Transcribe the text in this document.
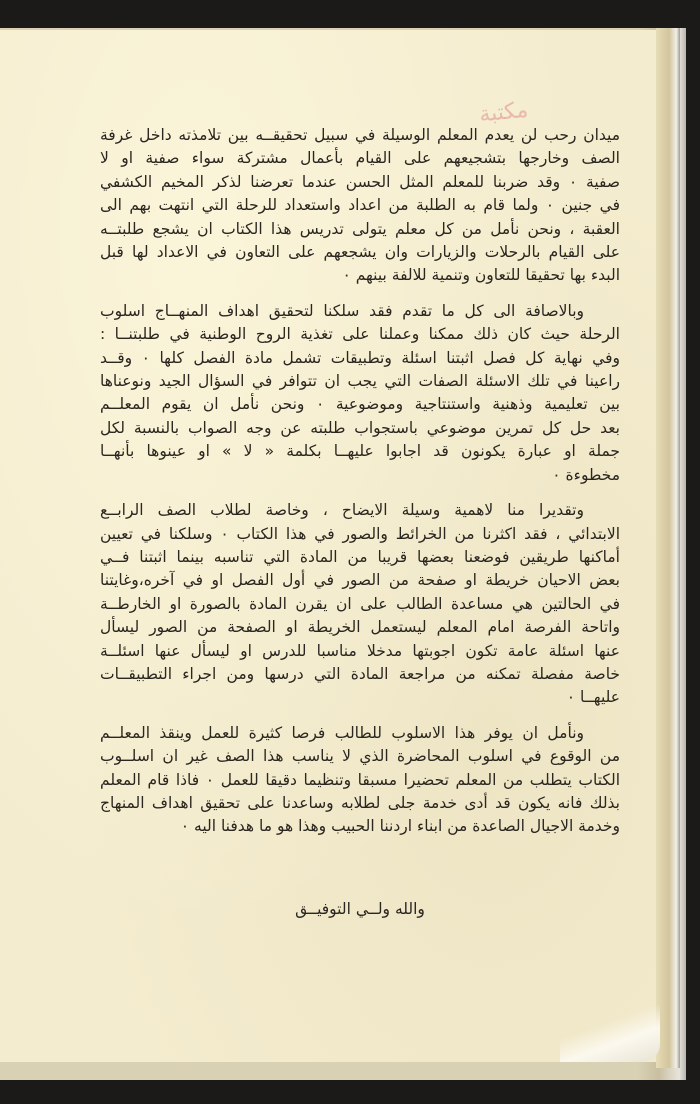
مكتبة
ميدان رحب لن يعدم المعلم الوسيلة في سبيل تحقيقــه بين تلامذته داخل غرفة
الصف وخارجها بتشجيعهم على القيام بأعمال مشتركة سواء صفية او لا
صفية ٠ وقد ضربنا للمعلم المثل الحسن عندما تعرضنا لذكر المخيم الكشفي
في جنين ٠ ولما قام به الطلبة من اعداد واستعداد للرحلة التي انتهت بهم الى
العقبة ، ونحن نأمل من كل معلم يتولى تدريس هذا الكتاب ان يشجع طلبتــه
على القيام بالرحلات والزيارات وان يشجعهم على التعاون في الاعداد لها قبل
البدء بها تحقيقا للتعاون وتنمية للالفة بينهم ٠
وبالاصافة الى كل ما تقدم فقد سلكنا لتحقيق اهداف المنهــاج اسلوب
الرحلة حيث كان ذلك ممكنا وعملنا على تغذية الروح الوطنية في طلبتنــا :
وفي نهاية كل فصل اثبتنا اسئلة وتطبيقات تشمل مادة الفصل كلها ٠ وقــد
راعينا في تلك الاسئلة الصفات التي يجب ان تتوافر في السؤال الجيد ونوعناها
بين تعليمية وذهنية واستنتاجية وموضوعية ٠ ونحن نأمل ان يقوم المعلــم
بعد حل كل تمرين موضوعي باستجواب طلبته عن وجه الصواب بالنسبة لكل
جملة او عبارة يكونون قد اجابوا عليهــا بكلمة « لا » او عينوها بأنهــا
مخطوءة ٠
وتقديرا منا لاهمية وسيلة الايضاح ، وخاصة لطلاب الصف الرابــع
الابتدائي ، فقد اكثرنا من الخرائط والصور في هذا الكتاب ٠ وسلكنا في تعيين
أماكنها طريقين فوضعنا بعضها قريبا من المادة التي تناسبه بينما اثبتنا فــي
بعض الاحيان خريطة او صفحة من الصور في أول الفصل او في آخره،وغايتنا
في الحالتين هي مساعدة الطالب على ان يقرن المادة بالصورة او الخارطــة
واتاحة الفرصة امام المعلم ليستعمل الخريطة او الصفحة من الصور ليسأل
عنها اسئلة عامة تكون اجوبتها مدخلا مناسبا للدرس او ليسأل عنها اسئلــة
خاصة مفصلة تمكنه من مراجعة المادة التي درسها ومن اجراء التطبيقــات
عليهــا ٠
ونأمل ان يوفر هذا الاسلوب للطالب فرصا كثيرة للعمل وينقذ المعلــم
من الوقوع في اسلوب المحاضرة الذي لا يناسب هذا الصف غير ان اسلــوب
الكتاب يتطلب من المعلم تحضيرا مسبقا وتنظيما دقيقا للعمل ٠ فاذا قام المعلم
بذلك فانه يكون قد أدى خدمة جلى لطلابه وساعدنا على تحقيق اهداف المنهاج
وخدمة الاجيال الصاعدة من ابناء اردننا الحبيب وهذا هو ما هدفنا اليه ٠
والله ولــي التوفيــق
